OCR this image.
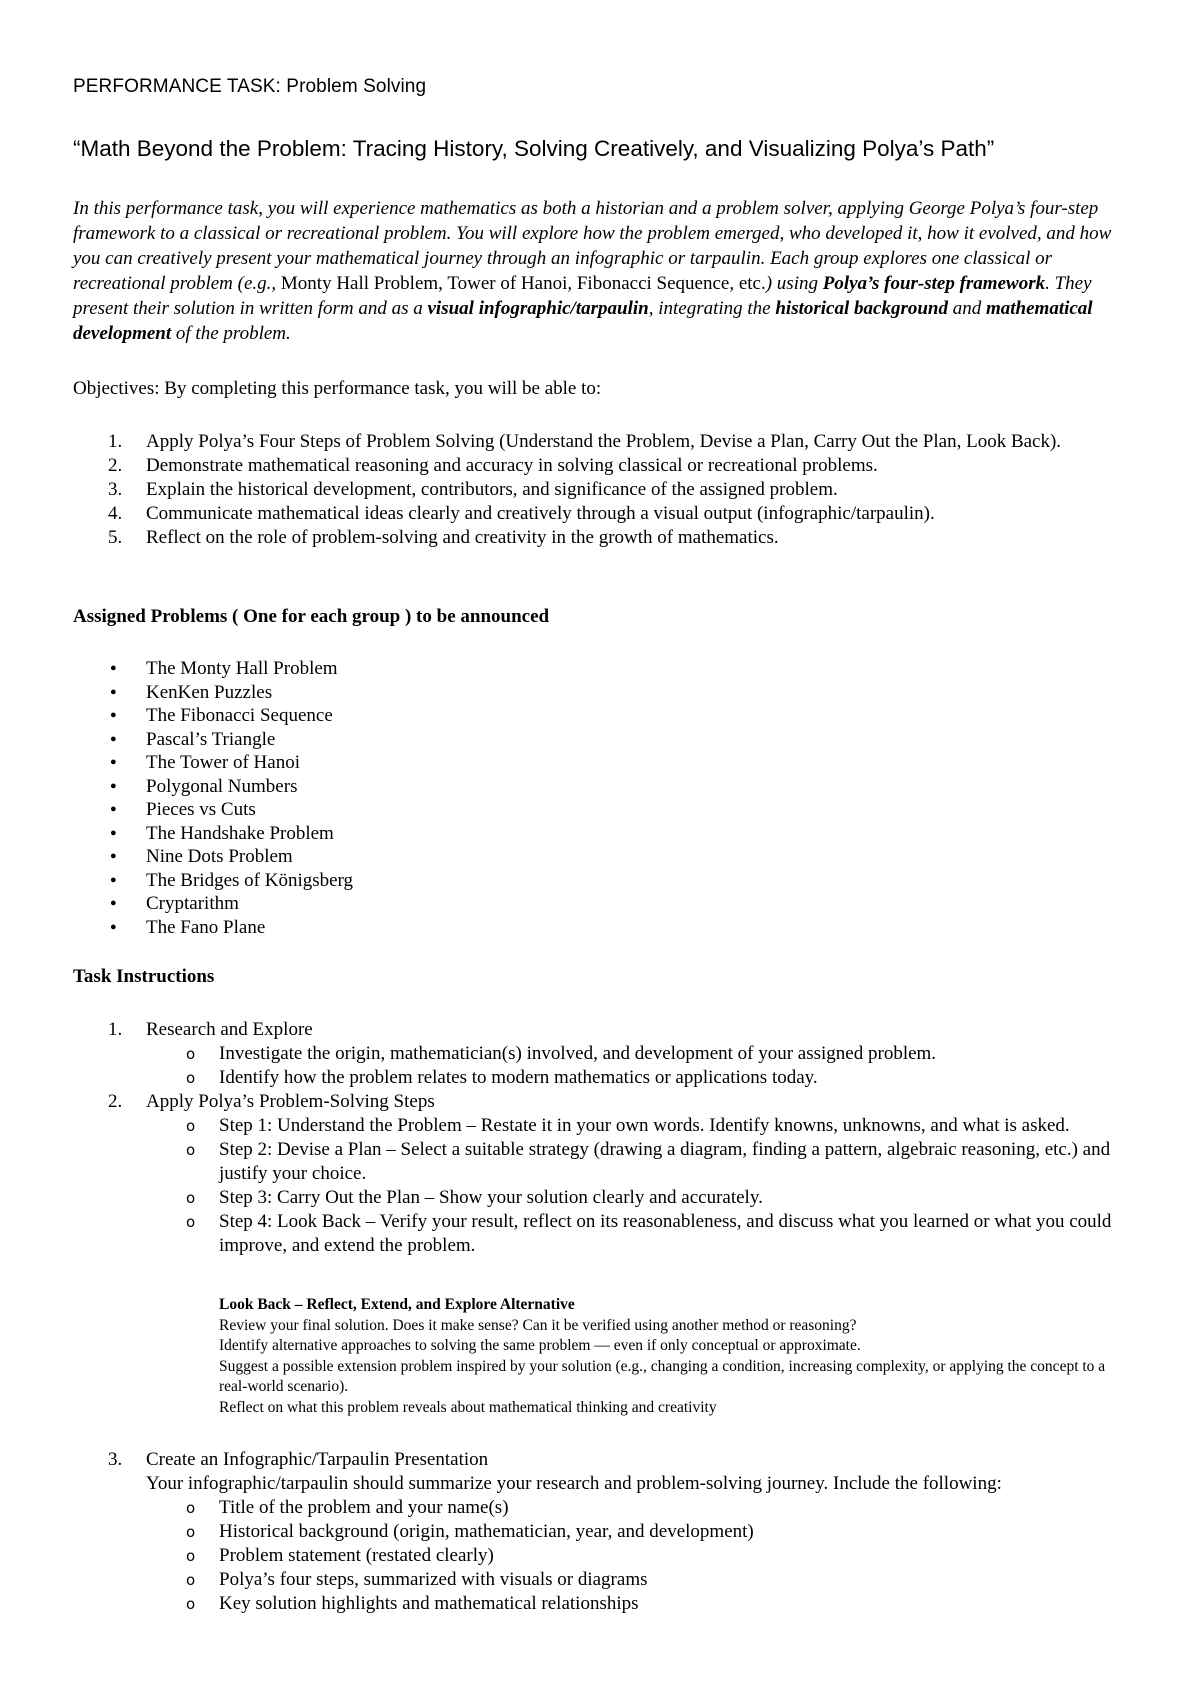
PERFORMANCE TASK: Problem Solving
“Math Beyond the Problem: Tracing History, Solving Creatively, and Visualizing Polya’s Path”
In this performance task, you will experience mathematics as both a historian and a problem solver, applying George Polya’s four-step framework to a classical or recreational problem. You will explore how the problem emerged, who developed it, how it evolved, and how you can creatively present your mathematical journey through an infographic or tarpaulin. Each group explores one classical or recreational problem (e.g., Monty Hall Problem, Tower of Hanoi, Fibonacci Sequence, etc.) using Polya’s four-step framework. They present their solution in written form and as a visual infographic/tarpaulin, integrating the historical background and mathematical development of the problem.
Objectives: By completing this performance task, you will be able to:
1. Apply Polya’s Four Steps of Problem Solving (Understand the Problem, Devise a Plan, Carry Out the Plan, Look Back).
2. Demonstrate mathematical reasoning and accuracy in solving classical or recreational problems.
3. Explain the historical development, contributors, and significance of the assigned problem.
4. Communicate mathematical ideas clearly and creatively through a visual output (infographic/tarpaulin).
5. Reflect on the role of problem-solving and creativity in the growth of mathematics.
Assigned Problems ( One for each group ) to be announced
● The Monty Hall Problem
● KenKen Puzzles
● The Fibonacci Sequence
● Pascal’s Triangle
● The Tower of Hanoi
● Polygonal Numbers
● Pieces vs Cuts
● The Handshake Problem
● Nine Dots Problem
● The Bridges of Königsberg
● Cryptarithm
● The Fano Plane
Task Instructions
1. Research and Explore
o Investigate the origin, mathematician(s) involved, and development of your assigned problem.
o Identify how the problem relates to modern mathematics or applications today.
2. Apply Polya’s Problem-Solving Steps
o Step 1: Understand the Problem – Restate it in your own words. Identify knowns, unknowns, and what is asked.
o Step 2: Devise a Plan – Select a suitable strategy (drawing a diagram, finding a pattern, algebraic reasoning, etc.) and justify your choice.
o Step 3: Carry Out the Plan – Show your solution clearly and accurately.
o Step 4: Look Back – Verify your result, reflect on its reasonableness, and discuss what you learned or what you could improve, and extend the problem.

Look Back – Reflect, Extend, and Explore Alternative

Review your final solution. Does it make sense? Can it be verified using another method or reasoning?

Identify alternative approaches to solving the same problem — even if only conceptual or approximate.

Suggest a possible extension problem inspired by your solution (e.g., changing a condition, increasing complexity, or applying the concept to a real-world scenario).

Reflect on what this problem reveals about mathematical thinking and creativity

3. Create an Infographic/Tarpaulin Presentation
Your infographic/tarpaulin should summarize your research and problem-solving journey. Include the following:
o Title of the problem and your name(s)
o Historical background (origin, mathematician, year, and development)
o Problem statement (restated clearly)
o Polya’s four steps, summarized with visuals or diagrams
o Key solution highlights and mathematical relationships
